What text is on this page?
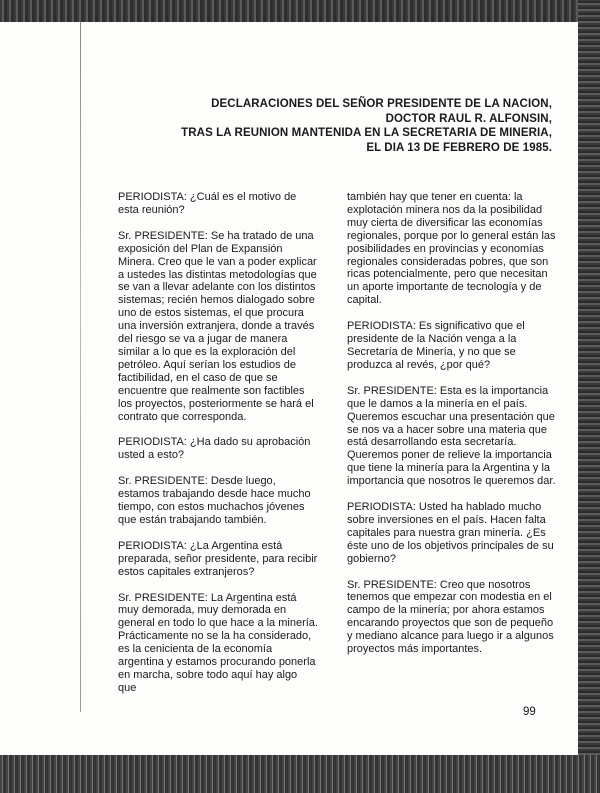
DECLARACIONES DEL SEÑOR PRESIDENTE DE LA NACION,
DOCTOR RAUL R. ALFONSIN,
TRAS LA REUNION MANTENIDA EN LA SECRETARIA DE MINERIA,
EL DIA 13 DE FEBRERO DE 1985.

PERIODISTA: ¿Cuál es el motivo de esta reunión?

Sr. PRESIDENTE: Se ha tratado de una exposición del Plan de Expansión Minera. Creo que le van a poder explicar a ustedes las distintas metodologías que se van a llevar adelante con los distintos sistemas; recién hemos dialogado sobre uno de estos sistemas, el que procura una inversión extranjera, donde a través del riesgo se va a jugar de manera similar a lo que es la exploración del petróleo. Aquí serían los estudios de factibilidad, en el caso de que se encuentre que realmente son factibles los proyectos, posteriormente se hará el contrato que corresponda.

PERIODISTA: ¿Ha dado su aprobación usted a esto?

Sr. PRESIDENTE: Desde luego, estamos trabajando desde hace mucho tiempo, con estos muchachos jóvenes que están trabajando también.

PERIODISTA: ¿La Argentina está preparada, señor presidente, para recibir estos capitales extranjeros?

Sr. PRESIDENTE: La Argentina está muy demorada, muy demorada en general en todo lo que hace a la minería. Prácticamente no se la ha considerado, es la cenicienta de la economía argentina y estamos procurando ponerla en marcha, sobre todo aquí hay algo que

también hay que tener en cuenta: la explotación minera nos da la posibilidad muy cierta de diversificar las economías regionales, porque por lo general están las posibilidades en provincias y economías regionales consideradas pobres, que son ricas potencialmente, pero que necesitan un aporte importante de tecnología y de capital.

PERIODISTA: Es significativo que el presidente de la Nación venga a la Secretaría de Minería, y no que se produzca al revés, ¿por qué?

Sr. PRESIDENTE: Esta es la importancia que le damos a la minería en el país. Queremos escuchar una presentación que se nos va a hacer sobre una materia que está desarrollando esta secretaría. Queremos poner de relieve la importancia que tiene la minería para la Argentina y la importancia que nosotros le queremos dar.

PERIODISTA: Usted ha hablado mucho sobre inversiones en el país. Hacen falta capitales para nuestra gran minería. ¿Es éste uno de los objetivos principales de su gobierno?

Sr. PRESIDENTE: Creo que nosotros tenemos que empezar con modestia en el campo de la minería; por ahora estamos encarando proyectos que son de pequeño y mediano alcance para luego ir a algunos proyectos más importantes.

99
